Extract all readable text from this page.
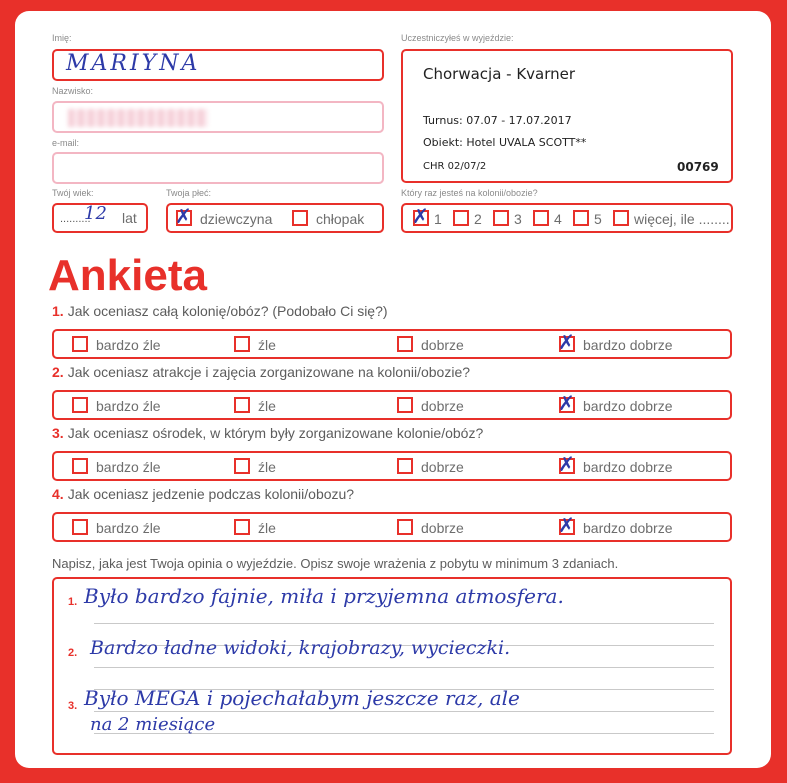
Imię:
MARIYNA
Nazwisko:
e-mail:
Twój wiek:
..........
12 lat
Twoja płeć:
✗ dziewczyna	chłopak
Uczestniczyłeś w wyjeździe:
Chorwacja - Kvarner
Turnus: 07.07 - 17.07.2017
Obiekt: Hotel UVALA SCOTT**
CHR 02/07/2	00769
Który raz jesteś na kolonii/obozie?
✗ 1 2 3 4 5 więcej, ile ........
Ankieta
1. Jak oceniasz całą kolonię/obóz? (Podobało Ci się?)
bardzo źle	źle	dobrze	✗ bardzo dobrze
2. Jak oceniasz atrakcje i zajęcia zorganizowane na kolonii/obozie?
bardzo źle	źle	dobrze	✗ bardzo dobrze
3. Jak oceniasz ośrodek, w którym były zorganizowane kolonie/obóz?
bardzo źle	źle	dobrze	✗ bardzo dobrze
4. Jak oceniasz jedzenie podczas kolonii/obozu?
bardzo źle	źle	dobrze	✗ bardzo dobrze
Napisz, jaka jest Twoja opinia o wyjeździe. Opisz swoje wrażenia z pobytu w minimum 3 zdaniach.
1.
2.
3.
Było bardzo fajnie, miła i przyjemna atmosfera.
Bardzo ładne widoki, krajobrazy, wycieczki.
Było MEGA i pojechałabym jeszcze raz, ale
na 2 miesiące
